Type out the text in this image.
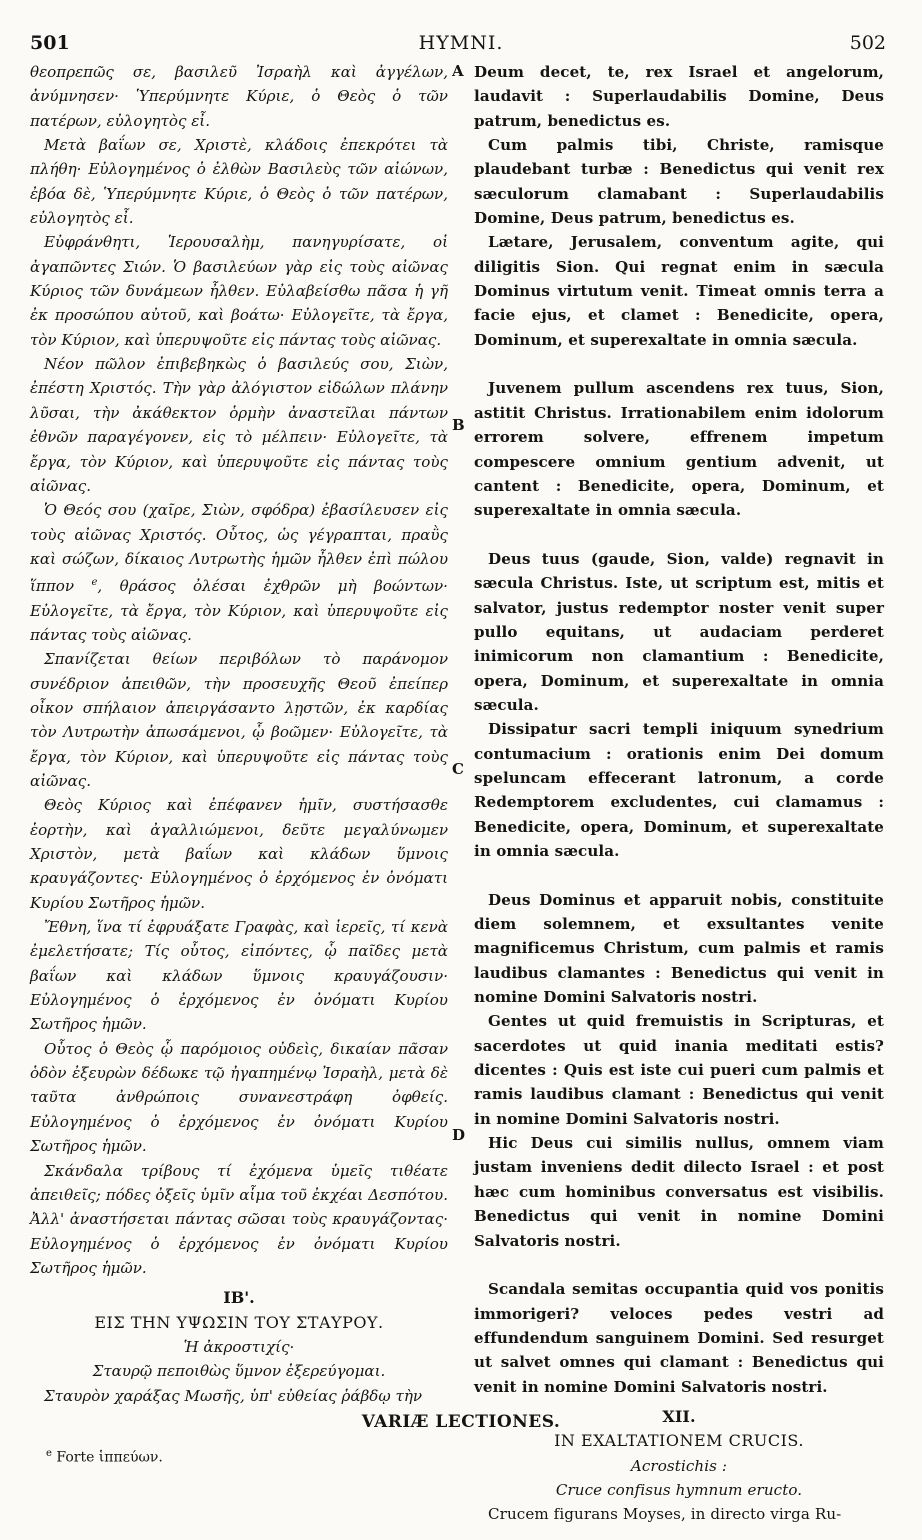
501	HYMNI.	502

θεοπρεπῶς σε, βασιλεῦ Ἰσραὴλ καὶ ἀγγέλων, ἀνύμνησεν· Ὑπερύμνητε Κύριε, ὁ Θεὸς ὁ τῶν πατέρων, εὐλογητὸς εἶ.

Μετὰ βαΐων σε, Χριστὲ, κλάδοις ἐπεκρότει τὰ πλήθη· Εὐλογημένος ὁ ἐλθὼν Βασιλεὺς τῶν αἰώνων, ἐβόα δὲ, Ὑπερύμνητε Κύριε, ὁ Θεὸς ὁ τῶν πατέρων, εὐλογητὸς εἶ.

Εὐφράνθητι, Ἱερουσαλὴμ, πανηγυρίσατε, οἱ ἀγαπῶντες Σιών. Ὁ βασιλεύων γὰρ εἰς τοὺς αἰῶνας Κύριος τῶν δυνάμεων ἦλθεν. Εὐλαβείσθω πᾶσα ἡ γῆ ἐκ προσώπου αὐτοῦ, καὶ βοάτω· Εὐλογεῖτε, τὰ ἔργα, τὸν Κύριον, καὶ ὑπερυψοῦτε εἰς πάντας τοὺς αἰῶνας.

Νέον πῶλον ἐπιβεβηκὼς ὁ βασιλεύς σου, Σιὼν, ἐπέστη Χριστός. Τὴν γὰρ ἀλόγιστον εἰδώλων πλάνην λῦσαι, τὴν ἀκάθεκτον ὁρμὴν ἀναστεῖλαι πάντων ἐθνῶν παραγέγονεν, εἰς τὸ μέλπειν· Εὐλογεῖτε, τὰ ἔργα, τὸν Κύριον, καὶ ὑπερυψοῦτε εἰς πάντας τοὺς αἰῶνας.

Ὁ Θεός σου (χαῖρε, Σιὼν, σφόδρα) ἐβασίλευσεν εἰς τοὺς αἰῶνας Χριστός. Οὗτος, ὡς γέγραπται, πραῢς καὶ σώζων, δίκαιος Λυτρωτὴς ἡμῶν ἦλθεν ἐπὶ πώλου ἵππον $^e$, θράσος ὀλέσαι ἐχθρῶν μὴ βοώντων· Εὐλογεῖτε, τὰ ἔργα, τὸν Κύριον, καὶ ὑπερυψοῦτε εἰς πάντας τοὺς αἰῶνας.

Σπανίζεται θείων περιβόλων τὸ παράνομον συνέδριον ἀπειθῶν, τὴν προσευχῆς Θεοῦ ἐπείπερ οἶκον σπήλαιον ἀπειργάσαντο λῃστῶν, ἐκ καρδίας τὸν Λυτρωτὴν ἀπωσάμενοι, ᾧ βοῶμεν· Εὐλογεῖτε, τὰ ἔργα, τὸν Κύριον, καὶ ὑπερυψοῦτε εἰς πάντας τοὺς αἰῶνας.

Θεὸς Κύριος καὶ ἐπέφανεν ἡμῖν, συστήσασθε ἑορτὴν, καὶ ἀγαλλιώμενοι, δεῦτε μεγαλύνωμεν Χριστὸν, μετὰ βαΐων καὶ κλάδων ὕμνοις κραυγάζοντες· Εὐλογημένος ὁ ἐρχόμενος ἐν ὀνόματι Κυρίου Σωτῆρος ἡμῶν.

Ἔθνη, ἵνα τί ἐφρυάξατε Γραφὰς, καὶ ἱερεῖς, τί κενὰ ἐμελετήσατε; Τίς οὗτος, εἰπόντες, ᾧ παῖδες μετὰ βαΐων καὶ κλάδων ὕμνοις κραυγάζουσιν· Εὐλογημένος ὁ ἐρχόμενος ἐν ὀνόματι Κυρίου Σωτῆρος ἡμῶν.

Οὗτος ὁ Θεὸς ᾧ παρόμοιος οὐδεὶς, δικαίαν πᾶσαν ὁδὸν ἐξευρὼν δέδωκε τῷ ἠγαπημένῳ Ἰσραὴλ, μετὰ δὲ ταῦτα ἀνθρώποις συνανεστράφη ὀφθείς. Εὐλογημένος ὁ ἐρχόμενος ἐν ὀνόματι Κυρίου Σωτῆρος ἡμῶν.

Σκάνδαλα τρίβους τί ἐχόμενα ὑμεῖς τιθέατε ἀπειθεῖς; πόδες ὀξεῖς ὑμῖν αἷμα τοῦ ἐκχέαι Δεσπότου. Ἀλλ' ἀναστήσεται πάντας σῶσαι τοὺς κραυγάζοντας· Εὐλογημένος ὁ ἐρχόμενος ἐν ὀνόματι Κυρίου Σωτῆρος ἡμῶν.

ΙΒ'.
ΕΙΣ ΤΗΝ ΥΨΩΣΙΝ ΤΟΥ ΣΤΑΥΡΟΥ.
Ἡ ἀκροστιχίς·
Σταυρῷ πεποιθὼς ὕμνον ἐξερεύγομαι.

Σταυρὸν χαράξας Μωσῆς, ὑπ' εὐθείας ῥάβδῳ τὴν

A
B
C
D

Deum decet, te, rex Israel et angelorum, laudavit : Superlaudabilis Domine, Deus patrum, benedictus es.

Cum palmis tibi, Christe, ramisque plaudebant turbæ : Benedictus qui venit rex sæculorum clamabant : Superlaudabilis Domine, Deus patrum, benedictus es.

Lætare, Jerusalem, conventum agite, qui diligitis Sion. Qui regnat enim in sæcula Dominus virtutum venit. Timeat omnis terra a facie ejus, et clamet : Benedicite, opera, Dominum, et superexaltate in omnia sæcula.

Juvenem pullum ascendens rex tuus, Sion, astitit Christus. Irrationabilem enim idolorum errorem solvere, effrenem impetum compescere omnium gentium advenit, ut cantent : Benedicite, opera, Dominum, et superexaltate in omnia sæcula.

Deus tuus (gaude, Sion, valde) regnavit in sæcula Christus. Iste, ut scriptum est, mitis et salvator, justus redemptor noster venit super pullo equitans, ut audaciam perderet inimicorum non clamantium : Benedicite, opera, Dominum, et superexaltate in omnia sæcula.

Dissipatur sacri templi iniquum synedrium contumacium : orationis enim Dei domum speluncam effecerant latronum, a corde Redemptorem excludentes, cui clamamus : Benedicite, opera, Dominum, et superexaltate in omnia sæcula.

Deus Dominus et apparuit nobis, constituite diem solemnem, et exsultantes venite magnificemus Christum, cum palmis et ramis laudibus clamantes : Benedictus qui venit in nomine Domini Salvatoris nostri.

Gentes ut quid fremuistis in Scripturas, et sacerdotes ut quid inania meditati estis? dicentes : Quis est iste cui pueri cum palmis et ramis laudibus clamant : Benedictus qui venit in nomine Domini Salvatoris nostri.

Hic Deus cui similis nullus, omnem viam justam inveniens dedit dilecto Israel : et post hæc cum hominibus conversatus est visibilis. Benedictus qui venit in nomine Domini Salvatoris nostri.

Scandala semitas occupantia quid vos ponitis immorigeri? veloces pedes vestri ad effundendum sanguinem Domini. Sed resurget ut salvet omnes qui clamant : Benedictus qui venit in nomine Domini Salvatoris nostri.

XII.
IN EXALTATIONEM CRUCIS.
Acrostichis :
Cruce confisus hymnum eructo.

Crucem figurans Moyses, in directo virga Ru-

VARIÆ LECTIONES.
$^e$ Forte ἱππεύων.
